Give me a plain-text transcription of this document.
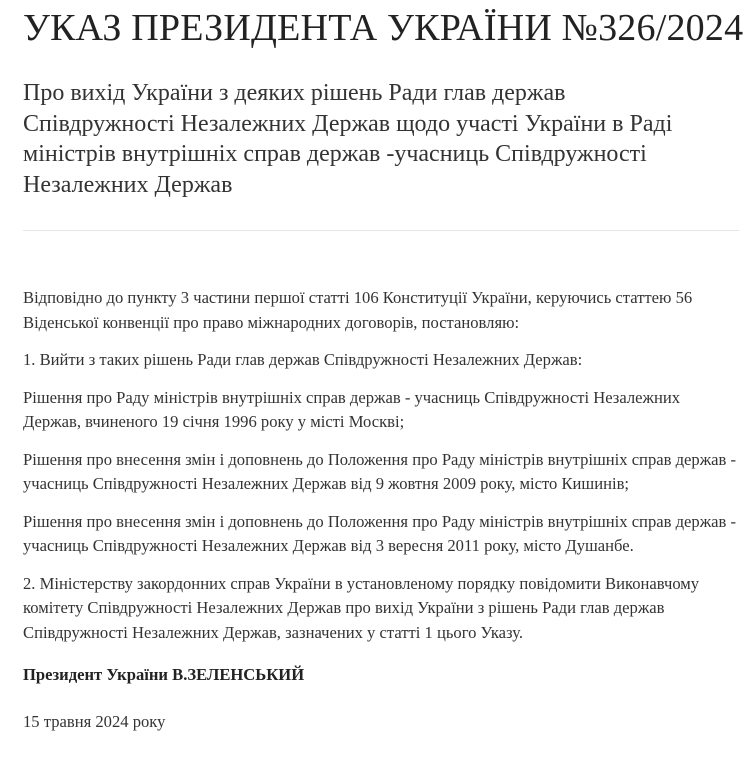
УКАЗ ПРЕЗИДЕНТА УКРАЇНИ №326/2024
Про вихід України з деяких рішень Ради глав держав Співдружності Незалежних Держав щодо участі України в Раді міністрів внутрішніх справ держав -учасниць Співдружності Незалежних Держав

Відповідно до пункту 3 частини першої статті 106 Конституції України, керуючись статтею 56 Віденської конвенції про право міжнародних договорів, постановляю:

1. Вийти з таких рішень Ради глав держав Співдружності Незалежних Держав:

Рішення про Раду міністрів внутрішніх справ держав - учасниць Співдружності Незалежних Держав, вчиненого 19 січня 1996 року у місті Москві;

Рішення про внесення змін і доповнень до Положення про Раду міністрів внутрішніх справ держав - учасниць Співдружності Незалежних Держав від 9 жовтня 2009 року, місто Кишинів;

Рішення про внесення змін і доповнень до Положення про Раду міністрів внутрішніх справ держав - учасниць Співдружності Незалежних Держав від 3 вересня 2011 року, місто Душанбе.

2. Міністерству закордонних справ України в установленому порядку повідомити Виконавчому комітету Співдружності Незалежних Держав про вихід України з рішень Ради глав держав Співдружності Незалежних Держав, зазначених у статті 1 цього Указу.

Президент України В.ЗЕЛЕНСЬКИЙ

15 травня 2024 року
